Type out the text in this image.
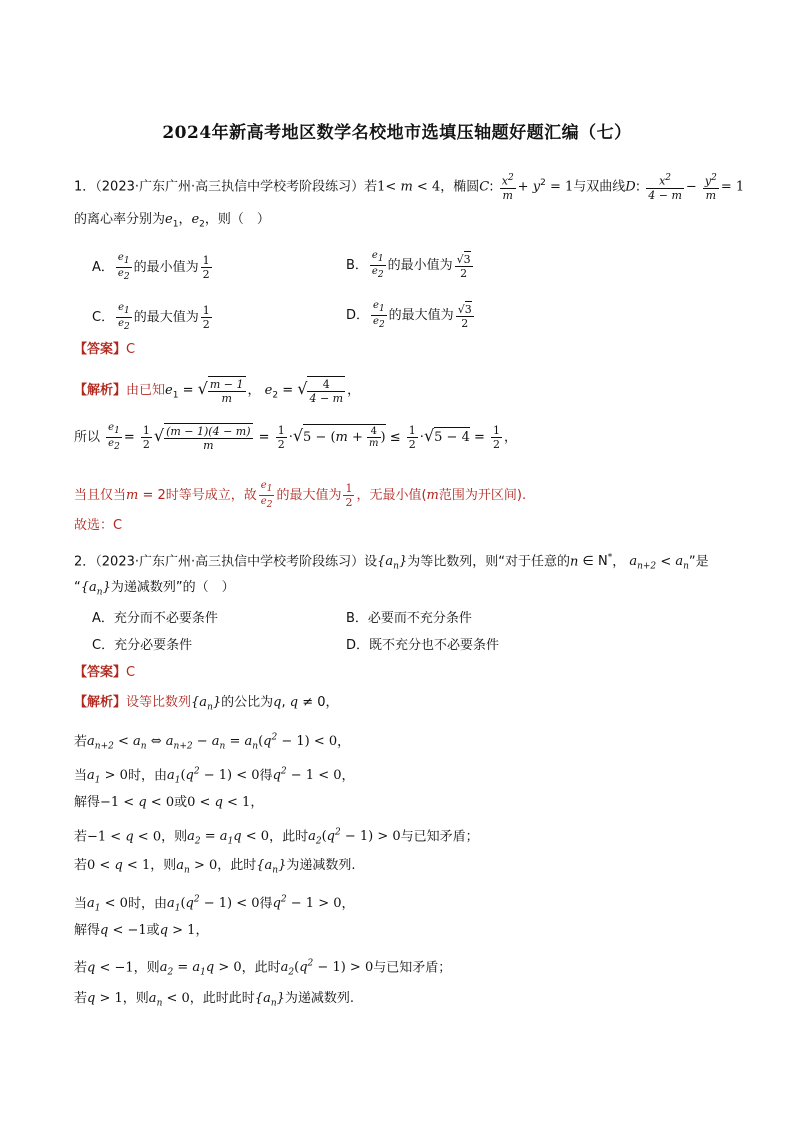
2024年新高考地区数学名校地市选填压轴题好题汇编（七）
1．（2023·广东广州·高三执信中学校考阶段练习）若1< m < 4，椭圆C: $\frac{x^2}{m} + y^2 = 1$与双曲线D: $\frac{x^2}{4 - m} - \frac{y^2}{m} = 1$
的离心率分别为$e_1$，$e_2$，则（　）
A． $\frac{e_1}{e_2}$ 的最小值为 $\frac{1}{2}$	B． $\frac{e_1}{e_2}$ 的最小值为 $\frac{√3}{2}$
C． $\frac{e_1}{e_2}$ 的最大值为 $\frac{1}{2}$	D． $\frac{e_1}{e_2}$ 的最大值为 $\frac{√3}{2}$
【答案】C
【解析】由已知$e_1$ = √ $\frac{m - 1}{m}$ ， $e_2$ = √ $\frac{4}{4 - m}$ ，
所以 $\frac{e_1}{e_2} = \frac{1}{2}$ √ $\frac{(m - 1)(4 - m)}{m} = \frac{1}{2} \cdot√5 - (m + \frac{4}{m}$ ) ≤ $\frac{1}{2} \cdot√5 - 4 = \frac{1}{2}$ ，
当且仅当m = 2时等号成立，故 $\frac{e_1}{e_2}$ 的最大值为 $\frac{1}{2}$ ，无最小值(m范围为开区间).
故选：C
2．（2023·广东广州·高三执信中学校考阶段练习）设$\{a_n\}$为等比数列，则“对于任意的n ∈ N*， $a_{n+2} < a_n$”是
“$\{a_n\}$为递减数列”的（　）
A．充分而不必要条件	B．必要而不充分条件
C．充分必要条件	D．既不充分也不必要条件
【答案】C
【解析】设等比数列$\{a_n\}$的公比为q, q ≠ 0，
若$a_{n+2} < a_n$ ⇔ $a_{n+2} - a_n = a_n(q^2 - 1) < 0$，
当$a_1 > 0$时，由$a_1(q^2 - 1) < 0$得$q^2 - 1 < 0$，
解得−1 < q < 0或0 < q < 1，
若−1 < q < 0，则$a_2 = a_1q < 0$，此时$a_2(q^2 - 1) > 0$与已知矛盾；
若0 < q < 1，则$a_n > 0$，此时$\{a_n\}$为递减数列.
当$a_1 < 0$时，由$a_1(q^2 - 1) < 0$得$q^2 - 1 > 0$，
解得q < −1或q > 1，
若q < −1，则$a_2 = a_1q > 0$，此时$a_2(q^2 - 1) > 0$与已知矛盾；
若q > 1，则$a_n < 0$，此时此时$\{a_n\}$为递减数列.
